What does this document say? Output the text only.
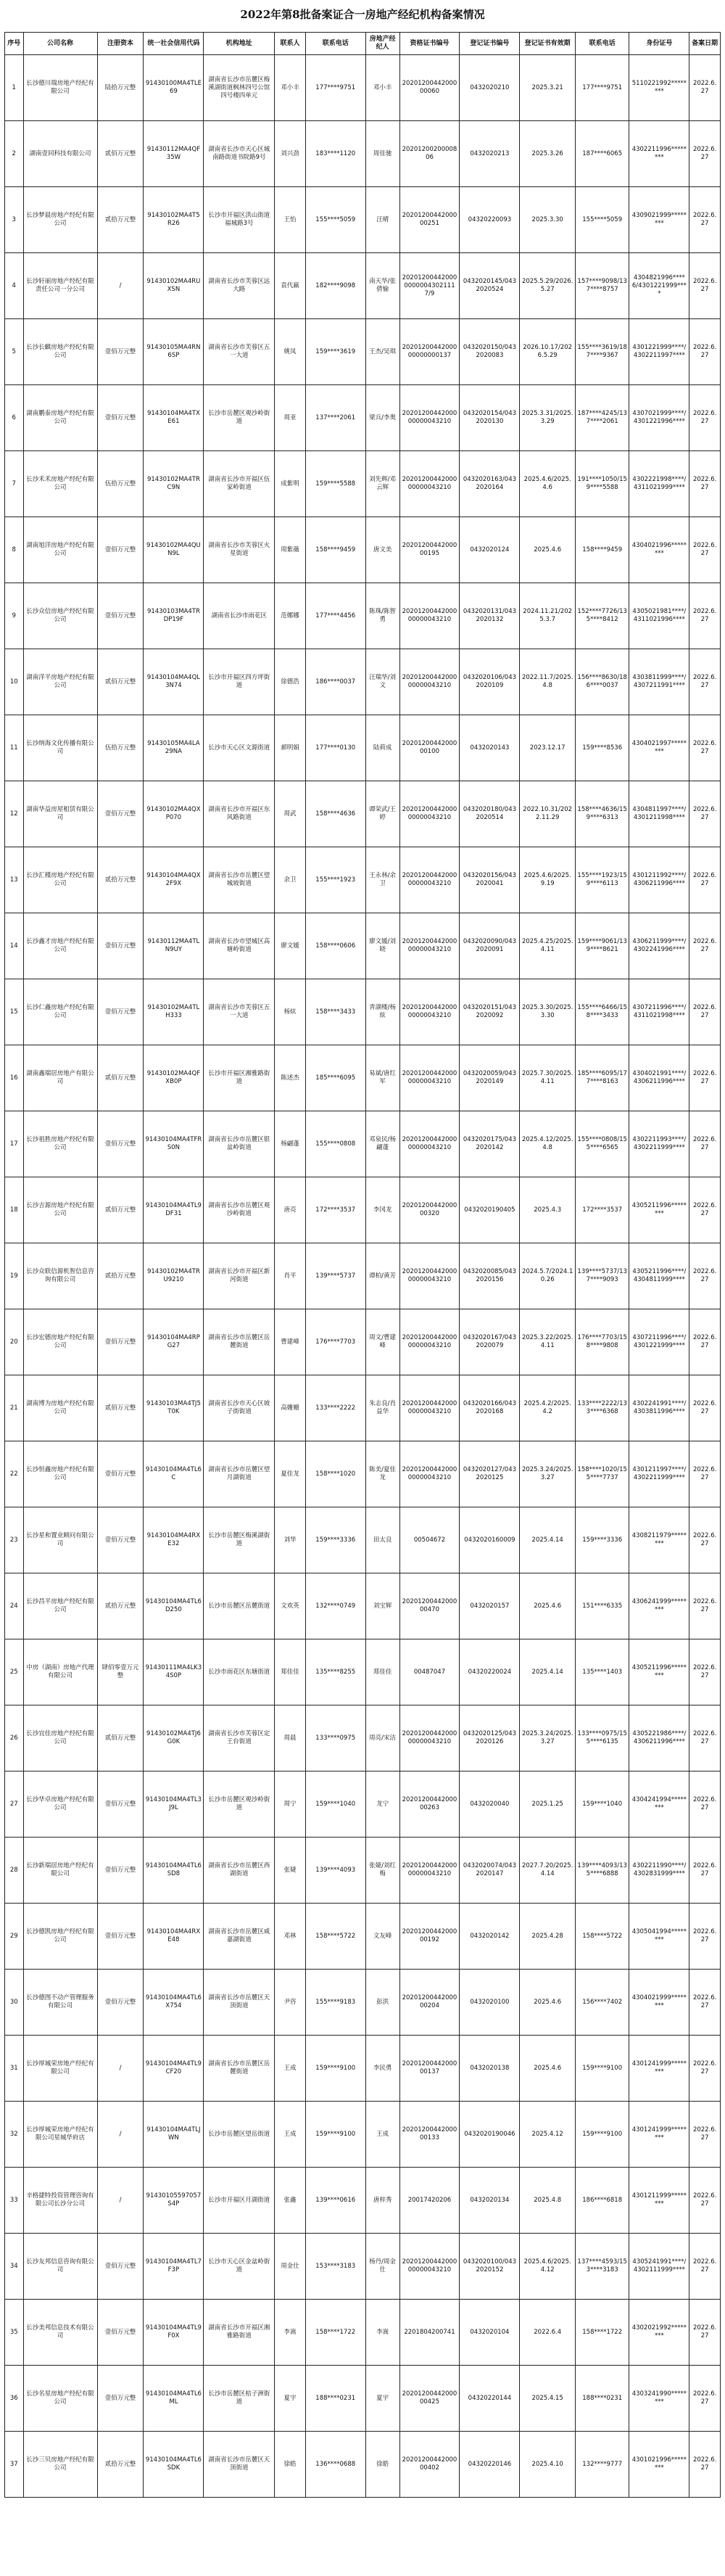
2022年第8批备案证合一房地产经纪机构备案情况
序号	公司名称	注册资本	统一社会信用代码	机构地址	联系人	联系电话	房地产经纪人	资格证书编号	登记证书编号	登记证书有效期	联系电话	身份证号	备案日期
1	长沙德川瑞房地产经纪有限公司	陆拾万元整	91430100MA4TLE69	湖南省长沙市岳麓区梅溪湖街道枫林四号公馆四号楼四单元	邓小丰	177****9751	邓小丰	2020120044200000060	0432020210	2025.3.21	177****9751	5110221992********	2022.6.27
2	湖南壹同科技有限公司	贰佰万元整	91430112MA4QF35W	湖南省长沙市天心区城南路街道书院路9号	刘兴劲	183****1120	周佳驰	2020120020000806	0432020213	2025.3.26	187****6065	4302211996********	2022.6.27
3	长沙梦晨房地产经纪有限公司	贰拾万元整	91430102MA4T5R26	长沙市开福区洪山街道福城路3号	王怡	155****5059	汪晴	2020120044200000251	04320220093	2025.3.30	155****5059	4309021999********	2022.6.27
4	长沙轩丽房地产经纪有限责任公司一分公司	/	91430102MA4RUXSN	湖南省长沙市芙蓉区远大路	袁代嬴	182****9098	南天华/张倩愉	2020120044200000000043021117/9	0432020145/0432020524	2025.5.29/2026.5.27	157****9098/137****8757	4304821996****6/4301221999****	2022.6.27
5	长沙长麒房地产经纪有限公司	壹佰万元整	91430105MA4RN6SP	湖南省长沙市芙蓉区五一大道	姚凤	159****3619	王杰/吴琪	2020120044200000000000137	0432020150/0432020083	2026.10.17/2026.5.29	155****3619/187****9367	4301221999****/4302211997****	2022.6.27
6	湖南鹏泰房地产经纪有限公司	壹佰万元整	91430104MA4TXE61	长沙市岳麓区观沙岭街道	周亚	137****2061	梁兵/李奥	2020120044200000000043210	0432020154/0432020130	2025.3.31/2025.3.29	187****4245/137****2061	4307021999****/4301221996****	2022.6.27
7	长沙禾禾房地产经纪有限公司	伍拾万元整	91430102MA4TRC9N	湖南省长沙市开福区伍家岭街道	成紫明	159****5588	刘先辉/邓云辉	2020120044200000000043210	0432020163/0432020164	2025.4.6/2025.4.6	191****1050/159****5588	4302221998****/4311021999****	2022.6.27
8	湖南旭洋房地产经纪有限公司	壹佰万元整	91430102MA4QUN9L	湖南省长沙市芙蓉区火星街道	周紫薇	158****9459	唐文美	2020120044200000195	0432020124	2025.4.6	158****9459	4304021996********	2022.6.27
9	长沙众信房地产经纪有限公司	壹佰万元整	91430103MA4TRDP19F	湖南省长沙市雨花区	范娜娜	177****4456	陈珠/陈智勇	2020120044200000000043210	0432020131/0432020132	2024.11.21/2025.3.7	152****7726/135****8412	4305021981****/4311021996****	2022.6.27
10	湖南洋平房地产经纪有限公司	贰佰万元整	91430104MA4QL3N74	长沙市开福区四方坪街道	徐德浩	186****0037	汪瑞华/刘文	2020120044200000000043210	0432020106/0432020109	2022.11.7/2025.4.8	156****8630/186****0037	4303811999****/4307211991****	2022.6.27
11	长沙纳海文化传播有限公司	伍拾万元整	91430105MA4LA29NA	长沙市天心区文源街道	郝明娟	177****0130	陆荷成	2020120044200000100	0432020143	2023.12.17	159****8536	4304021997********	2022.6.27
12	湖南华益房屋租赁有限公司	壹佰万元整	91430102MA4QXP070	湖南省长沙市开福区东风路街道	周武	158****4636	谭荣武/王婷	2020120044200000000043210	0432020180/0432020514	2022.10.31/2022.11.29	158****4636/159****6313	4304811997****/4301211998****	2022.6.27
13	长沙汇槿房地产经纪有限公司	贰拾万元整	91430104MA4QX2F9X	湖南省长沙市岳麓区望城坡街道	余卫	155****1923	王永林/余卫	2020120044200000000043210	0432020156/0432020041	2025.4.6/2025.9.19	155****1923/159****6113	4301211992****/4306211996****	2022.6.27
14	长沙鑫才房地产经纪有限公司	壹佰万元整	91430112MA4TLN9UY	湖南省长沙市望城区高塘岭街道	廖文媛	158****0606	廖文媛/刘晓	2020120044200000000043210	0432020090/0432020091	2025.4.25/2025.4.11	159****9061/139****8621	4306211999****/4302241996****	2022.6.27
15	长沙仁鑫房地产经纪有限公司	壹佰万元整	91430102MA4TLH333	湖南省长沙市芙蓉区五一大道	杨炫	158****3433	青湖楼/杨炫	2020120044200000000043210	0432020151/0432020092	2025.3.30/2025.3.30	155****6466/158****3433	4307211996****/4311021998****	2022.6.27
16	湖南鑫瑞居房地产有限公司	贰佰万元整	91430102MA4QFXB0P	长沙市开福区湘雅路街道	陈述杰	185****6095	易斌/唐红军	2020120044200000000043210	0432020059/0432020149	2025.7.30/2025.4.11	185****6095/177****8163	4304021991****/4306211996****	2022.6.27
17	长沙祖胜房地产经纪有限公司	壹佰万元整	91430104MA4TFRS0N	湖南省长沙市岳麓区银盆岭街道	杨翩蓬	155****0808	邓泉民/杨翩蓬	2020120044200000000043210	0432020175/0432020142	2025.4.12/2025.4.8	155****0808/155****6565	4302211993****/4302211999****	2022.6.27
18	长沙吉源房地产经纪有限公司	贰佰万元整	91430104MA4TL9DF31	湖南省长沙市岳麓区观沙岭街道	唐亮	172****3537	李冈龙	2020120044200000320	0432020190405	2025.4.3	172****3537	4305211996********	2022.6.27
19	长沙众联信源机智信息咨询有限公司	贰拾万元整	91430102MA4TRU9210	湖南省长沙市开福区新河街道	肖平	139****5737	谭柏/黄芳	2020120044200000000043210	0432020085/0432020156	2024.5.7/2024.10.26	139****5737/137****9093	4305211996****/4304811999****	2022.6.27
20	长沙宏德房地产经纪有限公司	壹佰万元整	91430104MA4RPG27	湖南省长沙市岳麓区岳麓街道	曹建峰	176****7703	周文/曹建峰	2020120044200000000043210	0432020167/0432020079	2025.3.22/2025.4.11	176****7703/158****9808	4307211996****/4301221999****	2022.6.27
21	湖南博为房地产经纪有限公司	贰佰万元整	91430103MA4TJ5T0K	湖南省长沙市天心区坡子街街道	高姗姗	133****2222	朱志良/肖益华	2020120044200000000043210	0432020166/0432020168	2025.4.2/2025.4.2	133****2222/133****6368	4302241991****/4303811996****	2022.6.27
22	长沙恒鑫房地产经纪有限公司	壹佰万元整	91430104MA4TL6C	湖南省长沙市岳麓区望月湖街道	夏佳龙	158****1020	陈美/夏佳龙	2020120044200000000043210	0432020127/0432020125	2025.3.24/2025.3.27	158****1020/155****7737	4301211997****/4302211999****	2022.6.27
23	长沙星和置业顾问有限公司	壹佰万元整	91430104MA4RXE32	长沙市岳麓区梅溪湖街道	刘华	159****3336	田太良	00504672	0432020160009	2025.4.14	159****3336	4308211979********	2022.6.27
24	长沙昌平房地产经纪有限公司	贰拾万元整	91430104MA4TL6D250	长沙市岳麓区岳麓街道	文欢英	132****0749	刘宝辉	2020120044200000470	0432020157	2025.4.6	151****6335	4306241999********	2022.6.27
25	中房（湖南）房地产代理有限公司	肆佰零壹万元整	91430111MA4LK34S0P	长沙市雨花区东塘街道	郑佳佳	135****8255	郑佳佳	00487047	04320220024	2025.4.14	135****1403	4305211996********	2022.6.27
26	长沙宜佳房地产经纪有限公司	贰佰万元整	91430102MA4TJ6G0K	湖南省长沙市芙蓉区定王台街道	周晨	133****0975	周亮/宋洁	2020120044200000000043210	0432020125/0432020126	2025.3.24/2025.3.27	133****0975/155****6135	4305221986****/4306211996****	2022.6.27
27	长沙华卓房地产经纪有限公司	壹佰万元整	91430104MA4TL3J9L	长沙市岳麓区观沙岭街道	周宁	159****1040	龙宁	2020120044200000263	0432020040	2025.1.25	159****1040	4304241994********	2022.6.27
28	长沙新瑞居房地产经纪有限公司	壹佰万元整	91430104MA4TL6SD8	湖南省长沙市岳麓区西湖街道	张婕	139****4093	张婕/刘红梅	2020120044200000000043210	0432020074/0432020147	2027.7.20/2025.4.14	139****4093/135****6888	4302211990****/4302831999****	2022.6.27
29	长沙德凯房地产经纪有限公司	壹佰万元整	91430104MA4RXE48	湖南省长沙市岳麓区咸嘉湖街道	邓林	158****5722	文友峰	2020120044200000192	0432020142	2025.4.28	158****5722	4305041994********	2022.6.27
30	长沙德图不动产管理服务有限公司	壹佰万元整	91430104MA4TL6X754	湖南省长沙市岳麓区天顶街道	尹咨	155****9183	彭洪	2020120044200000204	0432020100	2025.4.6	156****7402	4304021999********	2022.6.27
31	长沙厚城荣房地产经纪有限公司	/	91430104MA4TL9CF20	湖南省长沙市岳麓区岳麓街道	王成	159****9100	李民勇	2020120044200000137	0432020138	2025.4.6	159****9100	4301241999********	2022.6.27
32	长沙厚城荣房地产经纪有限公司星城华府店	/	91430104MA4TLJWN	长沙市岳麓区望岳街道	王成	159****9100	王成	2020120044200000133	0432020190046	2025.4.12	159****9100	4301241999********	2022.6.27
33	辛格捷特投资管理咨询有限公司长沙分公司	/	91430105597057S4P	长沙市开福区月湖街道	张鑫	139****0616	唐梓秀	20017420206	0432020134	2025.4.8	186****6818	4301211999********	2022.6.27
34	长沙友邦信息咨询有限公司	壹佰万元整	91430104MA4TL7F3P	长沙市天心区金盆岭街道	周金仕	153****3183	杨丹/周金仕	2020120044200000000043210	0432020100/0432020152	2025.4.6/2025.4.12	137****4593/153****3183	4305241991****/4302111999****	2022.6.27
35	长沙美邦信息技术有限公司	壹佰万元整	91430104MA4TL9F0X	湖南省长沙市开福区湘雅路街道	李嵩	158****1722	李嵩	2201804200741	0432020104	2022.6.4	158****1722	4302021992********	2022.6.27
36	长沙名星房地产经纪有限公司	壹佰万元整	91430104MA4TL6ML	长沙市岳麓区桔子洲街道	夏宇	188****0231	夏宇	2020120044200000425	04320220144	2025.4.15	188****0231	4303241990********	2022.6.27
37	长沙三贝房地产经纪有限公司	贰拾万元整	91430104MA4TL6SDK	湖南省长沙市岳麓区天顶街道	徐皓	136****0688	徐皓	2020120044200000402	04320220146	2025.4.10	132****9777	4301021996********	2022.6.27
